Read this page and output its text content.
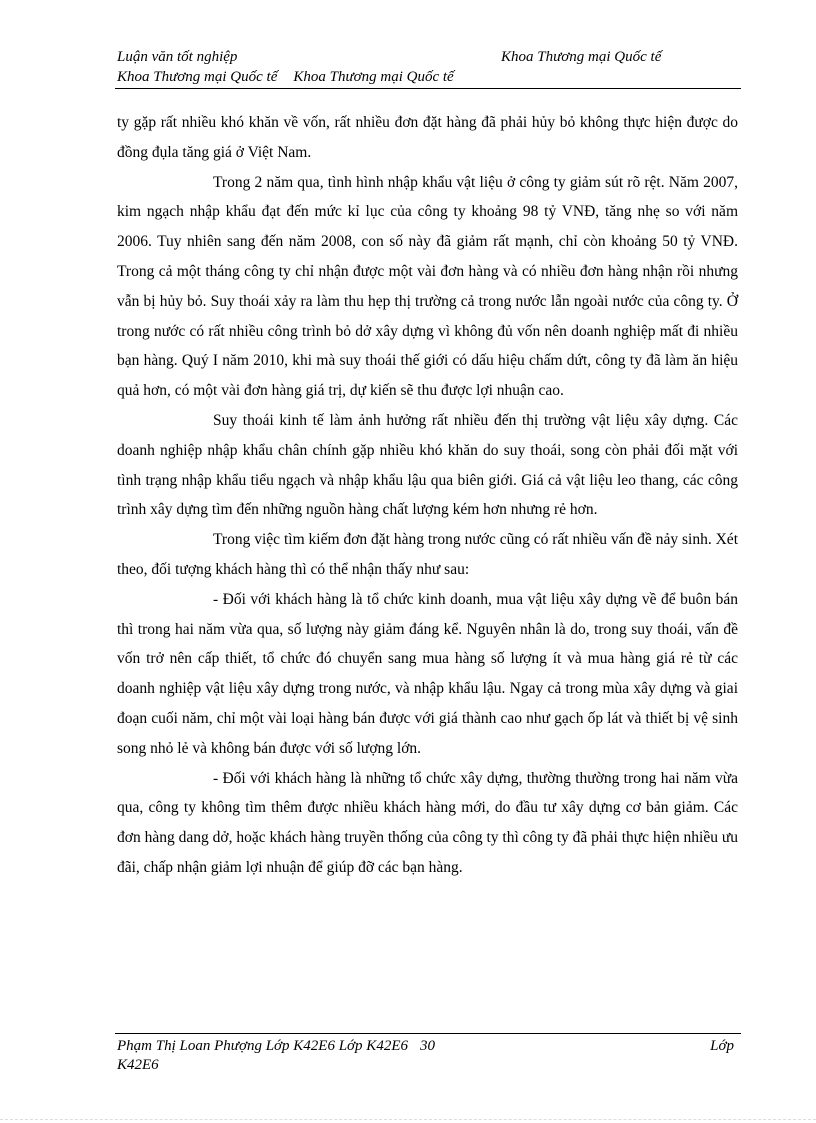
Luận văn tốt nghiệp	Khoa Thương mại Quốc tế
Khoa Thương mại Quốc tế Khoa Thương mại Quốc tế

ty gặp rất nhiều khó khăn về vốn, rất nhiều đơn đặt hàng đã phải hủy bỏ không thực hiện được do đồng đụla tăng giá ở Việt Nam.

Trong 2 năm qua, tình hình nhập khẩu vật liệu ở công ty giảm sút rõ rệt. Năm 2007, kim ngạch nhập khẩu đạt đến mức kỉ lục của công ty khoảng 98 tỷ VNĐ, tăng nhẹ so với năm 2006. Tuy nhiên sang đến năm 2008, con số này đã giảm rất mạnh, chỉ còn khoảng 50 tỷ VNĐ. Trong cả một tháng công ty chỉ nhận được một vài đơn hàng và có nhiều đơn hàng nhận rồi nhưng vẫn bị hủy bỏ. Suy thoái xảy ra làm thu hẹp thị trường cả trong nước lẫn ngoài nước của công ty. Ở trong nước có rất nhiều công trình bỏ dở xây dựng vì không đủ vốn nên doanh nghiệp mất đi nhiều bạn hàng. Quý I năm 2010, khi mà suy thoái thế giới có dấu hiệu chấm dứt, công ty đã làm ăn hiệu quả hơn, có một vài đơn hàng giá trị, dự kiến sẽ thu được lợi nhuận cao.

Suy thoái kinh tế làm ảnh hưởng rất nhiều đến thị trường vật liệu xây dựng. Các doanh nghiệp nhập khẩu chân chính gặp nhiều khó khăn do suy thoái, song còn phải đối mặt với tình trạng nhập khẩu tiểu ngạch và nhập khẩu lậu qua biên giới. Giá cả vật liệu leo thang, các công trình xây dựng tìm đến những nguồn hàng chất lượng kém hơn nhưng rẻ hơn.

Trong việc tìm kiếm đơn đặt hàng trong nước cũng có rất nhiều vấn đề nảy sinh. Xét theo, đối tượng khách hàng thì có thể nhận thấy như sau:

- Đối với khách hàng là tổ chức kinh doanh, mua vật liệu xây dựng về để buôn bán thì trong hai năm vừa qua, số lượng này giảm đáng kể. Nguyên nhân là do, trong suy thoái, vấn đề vốn trở nên cấp thiết, tổ chức đó chuyển sang mua hàng số lượng ít và mua hàng giá rẻ từ các doanh nghiệp vật liệu xây dựng trong nước, và nhập khẩu lậu. Ngay cả trong mùa xây dựng và giai đoạn cuối năm, chỉ một vài loại hàng bán được với giá thành cao như gạch ốp lát và thiết bị vệ sinh song nhỏ lẻ và không bán được với số lượng lớn.

- Đối với khách hàng là những tổ chức xây dựng, thường thường trong hai năm vừa qua, công ty không tìm thêm được nhiều khách hàng mới, do đầu tư xây dựng cơ bản giảm. Các đơn hàng dang dở, hoặc khách hàng truyền thống của công ty thì công ty đã phải thực hiện nhiều ưu đãi, chấp nhận giảm lợi nhuận để giúp đỡ các bạn hàng.

Phạm Thị Loan Phượng Lớp K42E6 Lớp K42E6 30	Lớp
K42E6
